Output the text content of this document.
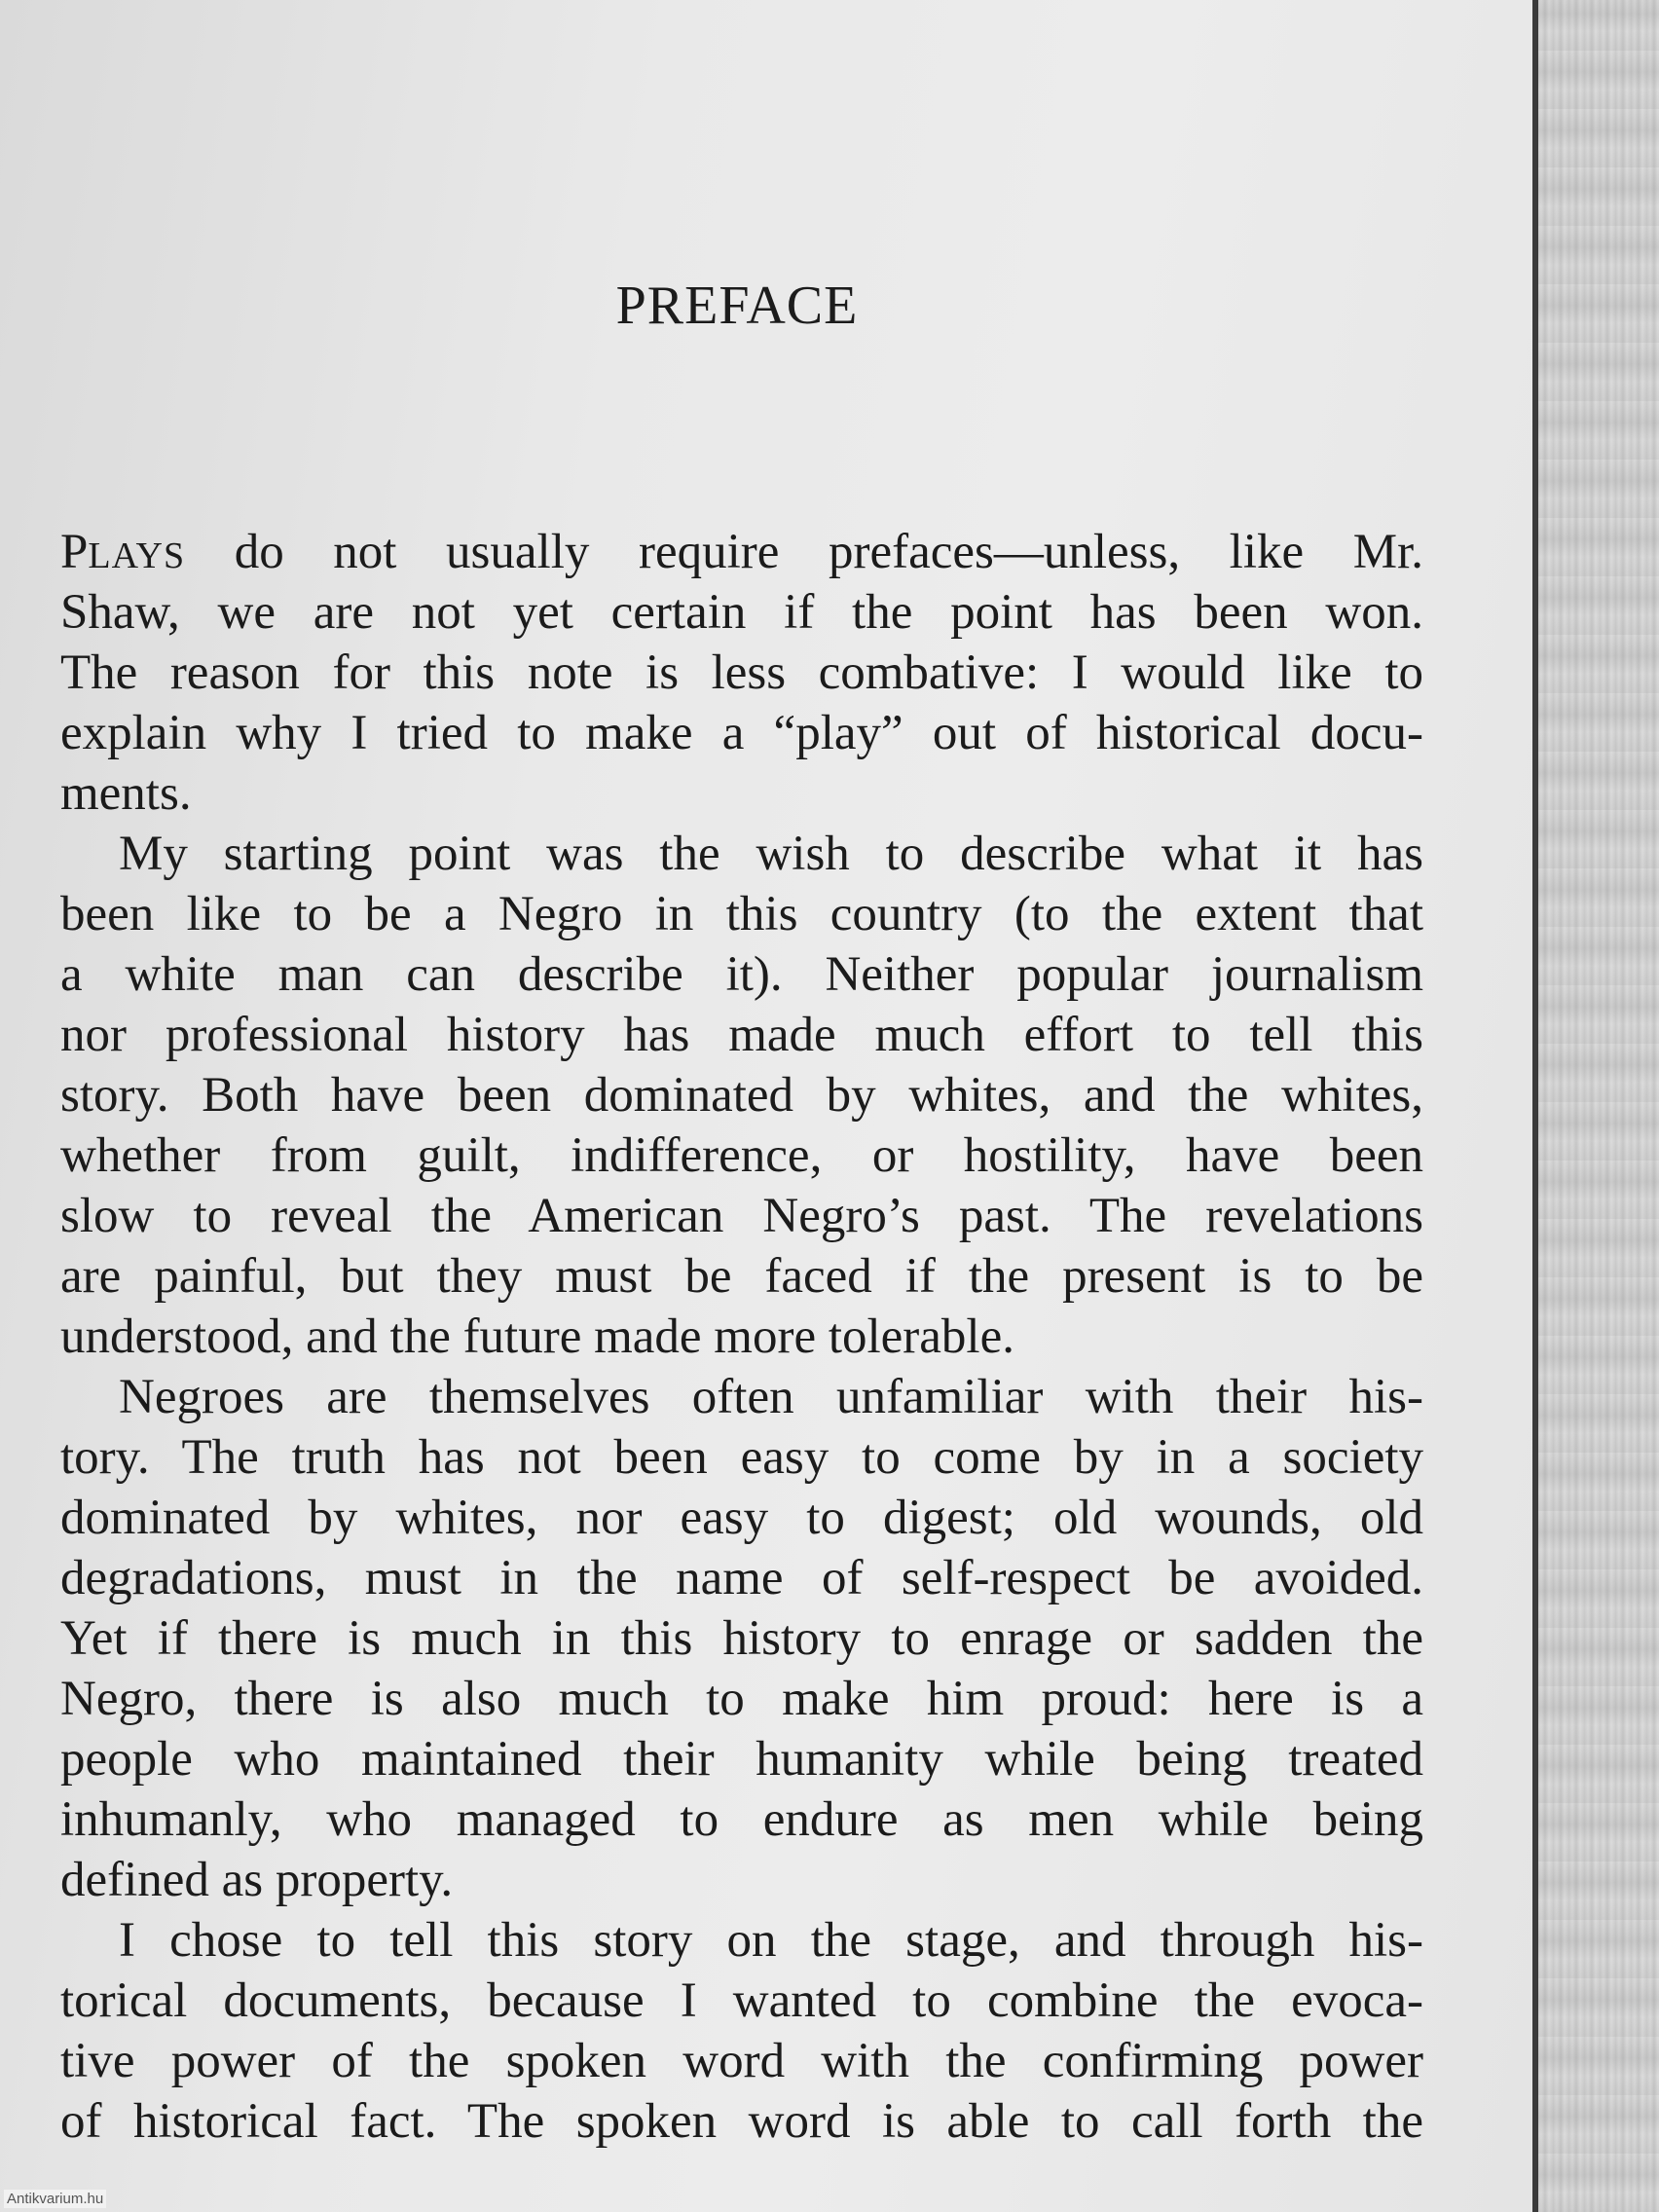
PREFACE
PLAYS do not usually require prefaces—unless, like Mr.
Shaw, we are not yet certain if the point has been won.
The reason for this note is less combative: I would like to
explain why I tried to make a “play” out of historical docu-
ments.
My starting point was the wish to describe what it has
been like to be a Negro in this country (to the extent that
a white man can describe it). Neither popular journalism
nor professional history has made much effort to tell this
story. Both have been dominated by whites, and the whites,
whether from guilt, indifference, or hostility, have been
slow to reveal the American Negro’s past. The revelations
are painful, but they must be faced if the present is to be
understood, and the future made more tolerable.
Negroes are themselves often unfamiliar with their his-
tory. The truth has not been easy to come by in a society
dominated by whites, nor easy to digest; old wounds, old
degradations, must in the name of self-respect be avoided.
Yet if there is much in this history to enrage or sadden the
Negro, there is also much to make him proud: here is a
people who maintained their humanity while being treated
inhumanly, who managed to endure as men while being
defined as property.
I chose to tell this story on the stage, and through his-
torical documents, because I wanted to combine the evoca-
tive power of the spoken word with the confirming power
of historical fact. The spoken word is able to call forth the
Antikvarium.hu
